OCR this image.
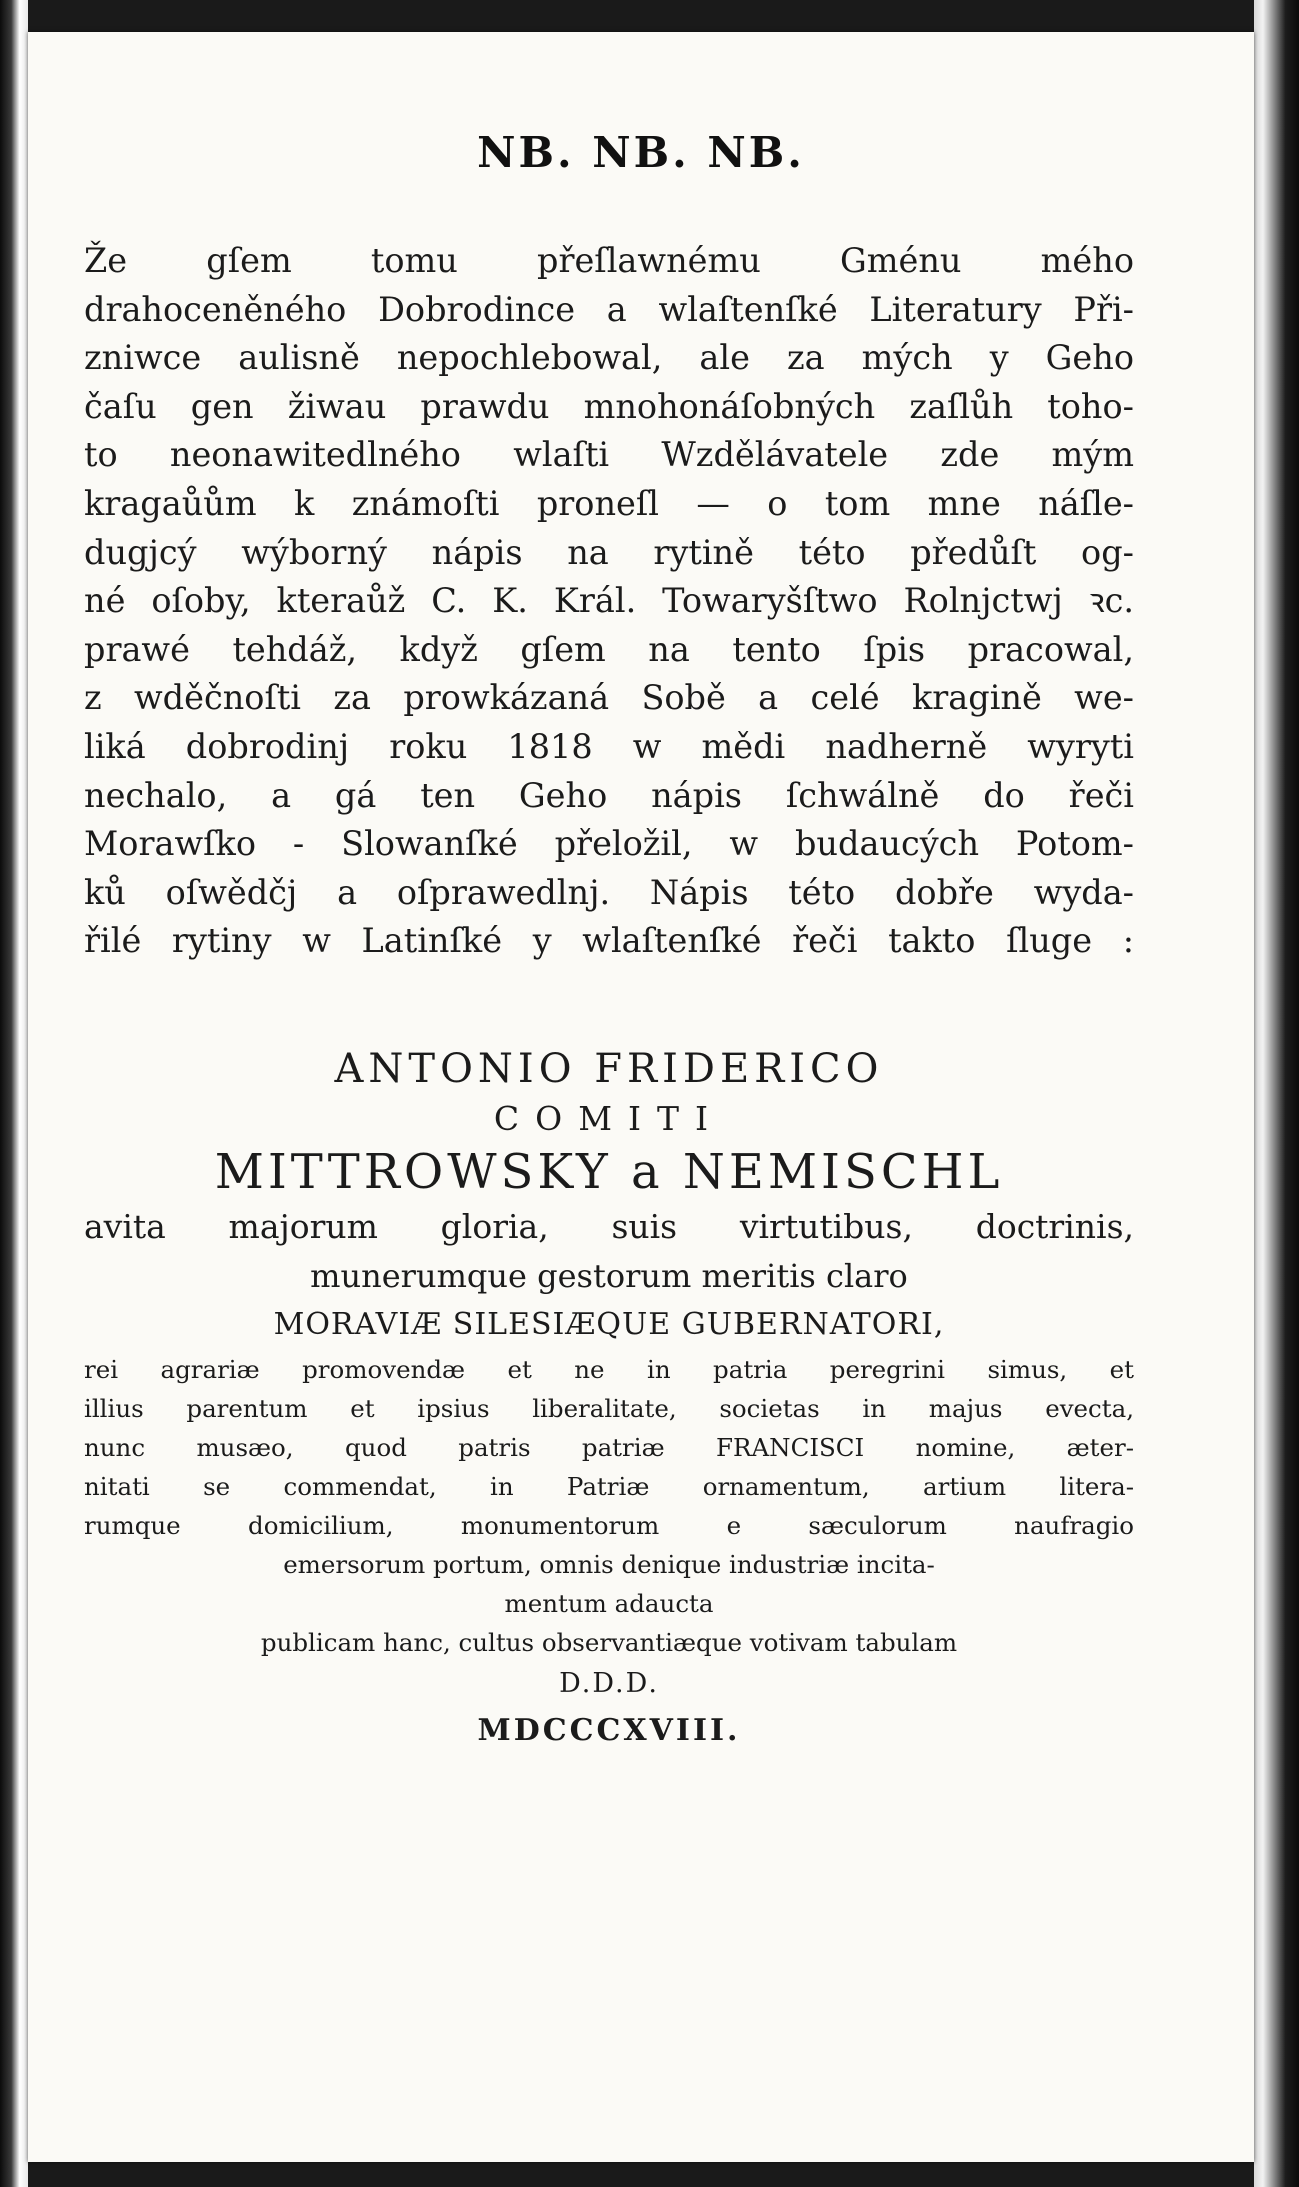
NB. NB. NB.
Že gſem tomu přeſlawnému Gménu mého
drahoceněného Dobrodince a wlaſtenſké Literatury Při-
zniwce aulisně nepochlebowal, ale za mých y Geho
čaſu gen žiwau prawdu mnohonáſobných zaſlůh toho-
to neonawitedlného wlaſti Wzdělávatele zde mým
kragaůům k známoſti proneſl — o tom mne náſle-
dugjcý wýborný nápis na rytině této předůſt og-
né oſoby, kteraůž C. K. Král. Towaryšſtwo Rolnjctwj ꝛc.
prawé tehdáž, když gſem na tento ſpis pracowal,
z wděčnoſti za prowkázaná Sobě a celé kragině we-
liká dobrodinj roku 1818 w mědi nadherně wyryti
nechalo, a gá ten Geho nápis ſchwálně do řeči
Morawſko - Slowanſké přeložil, w budaucých Potom-
ků oſwědčj a oſprawedlnj. Nápis této dobře wyda-
řilé rytiny w Latinſké y wlaſtenſké řeči takto ſluge :
ANTONIO FRIDERICO
COMITI
MITTROWSKY a NEMISCHL
avita majorum gloria, suis virtutibus, doctrinis,
munerumque gestorum meritis claro
MORAVIÆ SILESIÆQUE GUBERNATORI,
rei agrariæ promovendæ et ne in patria peregrini simus, et
illius parentum et ipsius liberalitate, societas in majus evecta,
nunc musæo, quod patris patriæ FRANCISCI nomine, æter-
nitati se commendat, in Patriæ ornamentum, artium litera-
rumque domicilium, monumentorum e sæculorum naufragio
emersorum portum, omnis denique industriæ incita-
mentum adaucta
publicam hanc, cultus observantiæque votivam tabulam
D.D.D.
MDCCCXVIII.
